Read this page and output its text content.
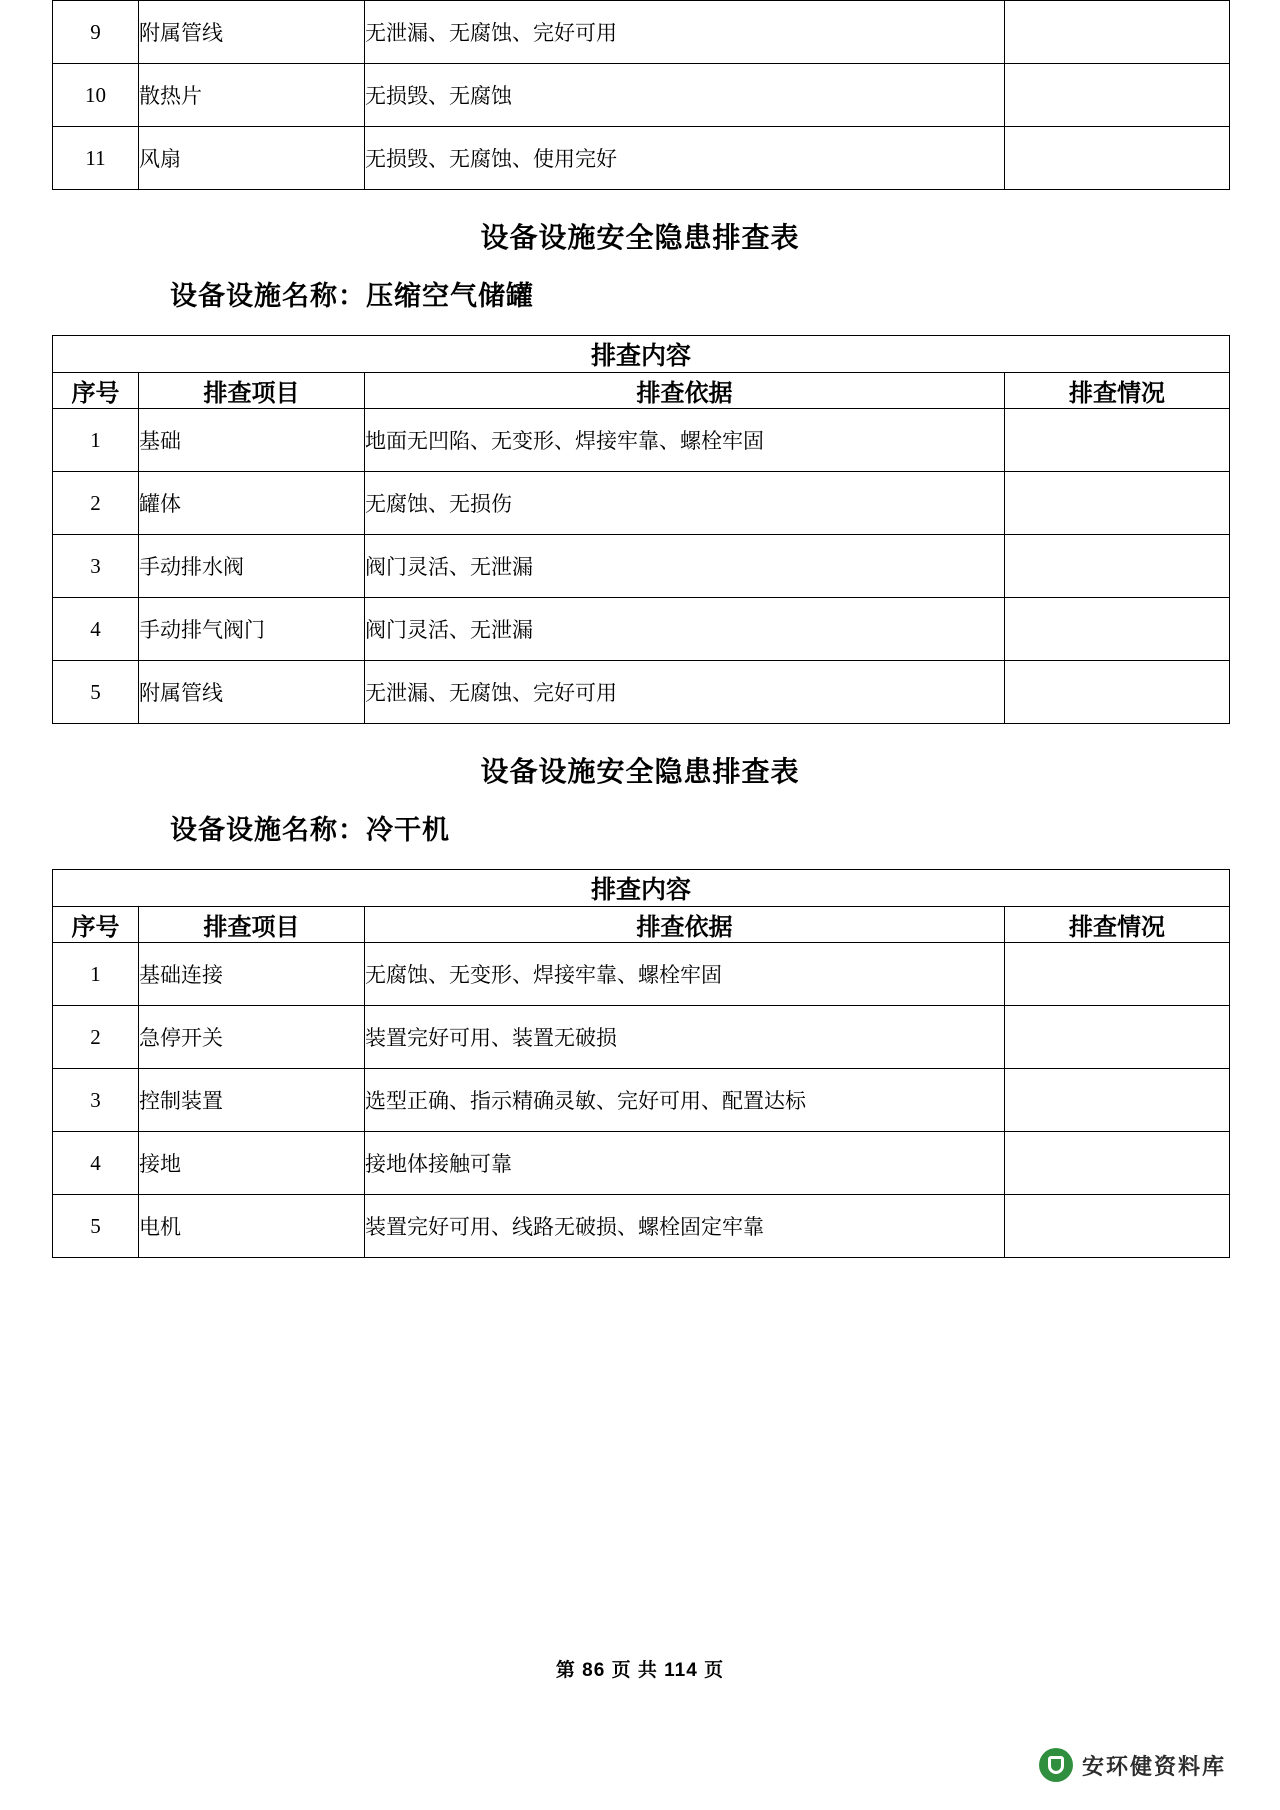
9	附属管线	无泄漏、无腐蚀、完好可用	
10	散热片	无损毁、无腐蚀	
11	风扇	无损毁、无腐蚀、使用完好	
设备设施安全隐患排查表
设备设施名称：压缩空气储罐
排查内容			
序号	排查项目	排查依据	排查情况
1	基础	地面无凹陷、无变形、焊接牢靠、螺栓牢固	
2	罐体	无腐蚀、无损伤	
3	手动排水阀	阀门灵活、无泄漏	
4	手动排气阀门	阀门灵活、无泄漏	
5	附属管线	无泄漏、无腐蚀、完好可用	
设备设施安全隐患排查表
设备设施名称：冷干机
排查内容			
序号	排查项目	排查依据	排查情况
1	基础连接	无腐蚀、无变形、焊接牢靠、螺栓牢固	
2	急停开关	装置完好可用、装置无破损	
3	控制装置	选型正确、指示精确灵敏、完好可用、配置达标	
4	接地	接地体接触可靠	
5	电机	装置完好可用、线路无破损、螺栓固定牢靠	
第 86 页 共 114 页
安环健资料库
